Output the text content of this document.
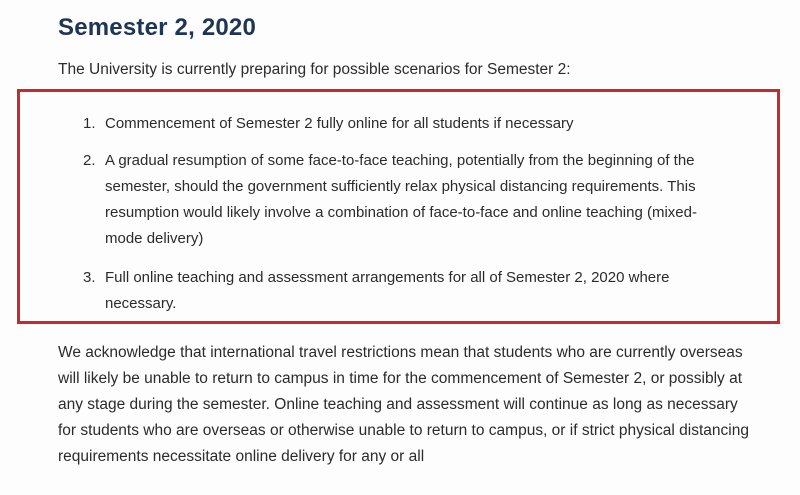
Semester 2, 2020

The University is currently preparing for possible scenarios for Semester 2:

1. Commencement of Semester 2 fully online for all students if necessary
2. A gradual resumption of some face-to-face teaching, potentially from the beginning of the semester, should the government sufficiently relax physical distancing requirements. This resumption would likely involve a combination of face-to-face and online teaching (mixed-mode delivery)
3. Full online teaching and assessment arrangements for all of Semester 2, 2020 where necessary.

We acknowledge that international travel restrictions mean that students who are currently overseas will likely be unable to return to campus in time for the commencement of Semester 2, or possibly at any stage during the semester. Online teaching and assessment will continue as long as necessary for students who are overseas or otherwise unable to return to campus, or if strict physical distancing requirements necessitate online delivery for any or all
